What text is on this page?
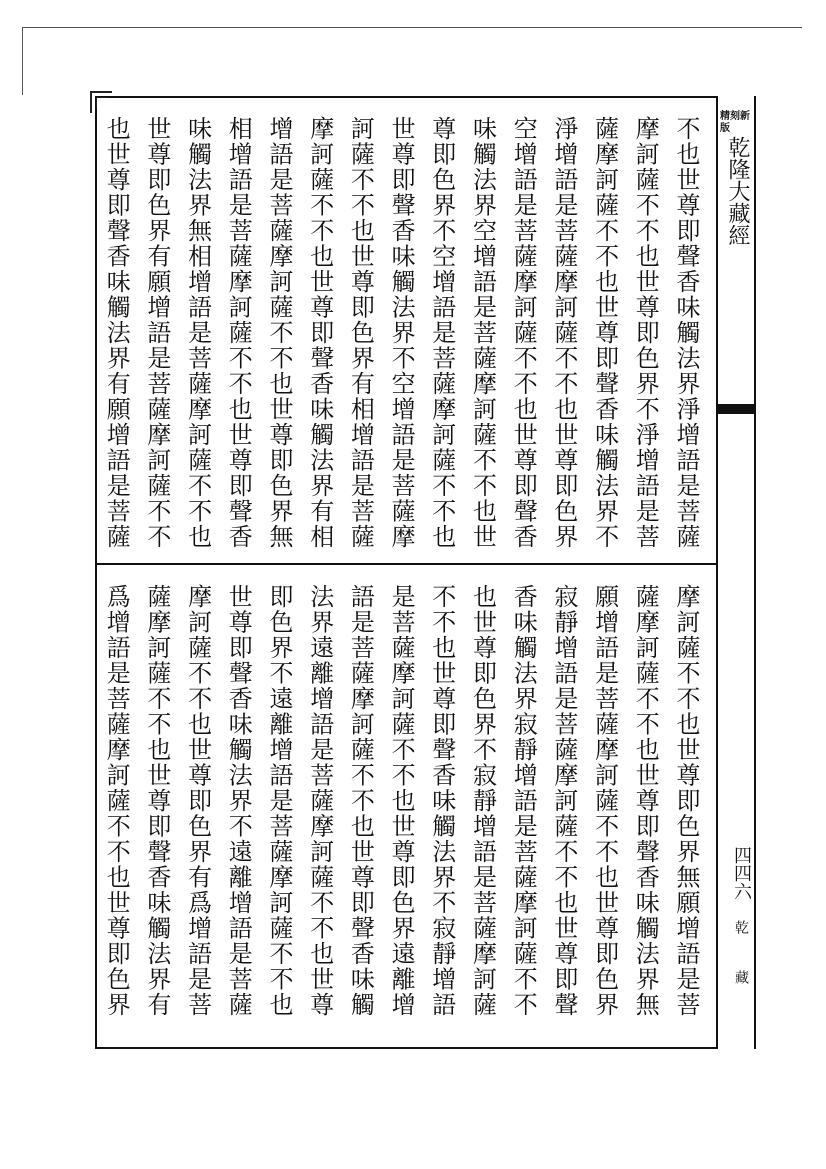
精刻新版
乾隆大藏經
四四六
乾 藏
不也世尊即聲香味觸法界淨增語是菩薩
摩訶薩不不也世尊即色界不淨增語是菩
薩摩訶薩不不也世尊即聲香味觸法界不
淨增語是菩薩摩訶薩不不也世尊即色界
空增語是菩薩摩訶薩不不也世尊即聲香
味觸法界空增語是菩薩摩訶薩不不也世
尊即色界不空增語是菩薩摩訶薩不不也
世尊即聲香味觸法界不空增語是菩薩摩
訶薩不不也世尊即色界有相增語是菩薩
摩訶薩不不也世尊即聲香味觸法界有相
增語是菩薩摩訶薩不不也世尊即色界無
相增語是菩薩摩訶薩不不也世尊即聲香
味觸法界無相增語是菩薩摩訶薩不不也
世尊即色界有願增語是菩薩摩訶薩不不
也世尊即聲香味觸法界有願增語是菩薩
摩訶薩不不也世尊即色界無願增語是菩
薩摩訶薩不不也世尊即聲香味觸法界無
願增語是菩薩摩訶薩不不也世尊即色界
寂靜增語是菩薩摩訶薩不不也世尊即聲
香味觸法界寂靜增語是菩薩摩訶薩不不
也世尊即色界不寂靜增語是菩薩摩訶薩
不不也世尊即聲香味觸法界不寂靜增語
是菩薩摩訶薩不不也世尊即色界遠離增
語是菩薩摩訶薩不不也世尊即聲香味觸
法界遠離增語是菩薩摩訶薩不不也世尊
即色界不遠離增語是菩薩摩訶薩不不也
世尊即聲香味觸法界不遠離增語是菩薩
摩訶薩不不也世尊即色界有爲增語是菩
薩摩訶薩不不也世尊即聲香味觸法界有
爲增語是菩薩摩訶薩不不也世尊即色界
